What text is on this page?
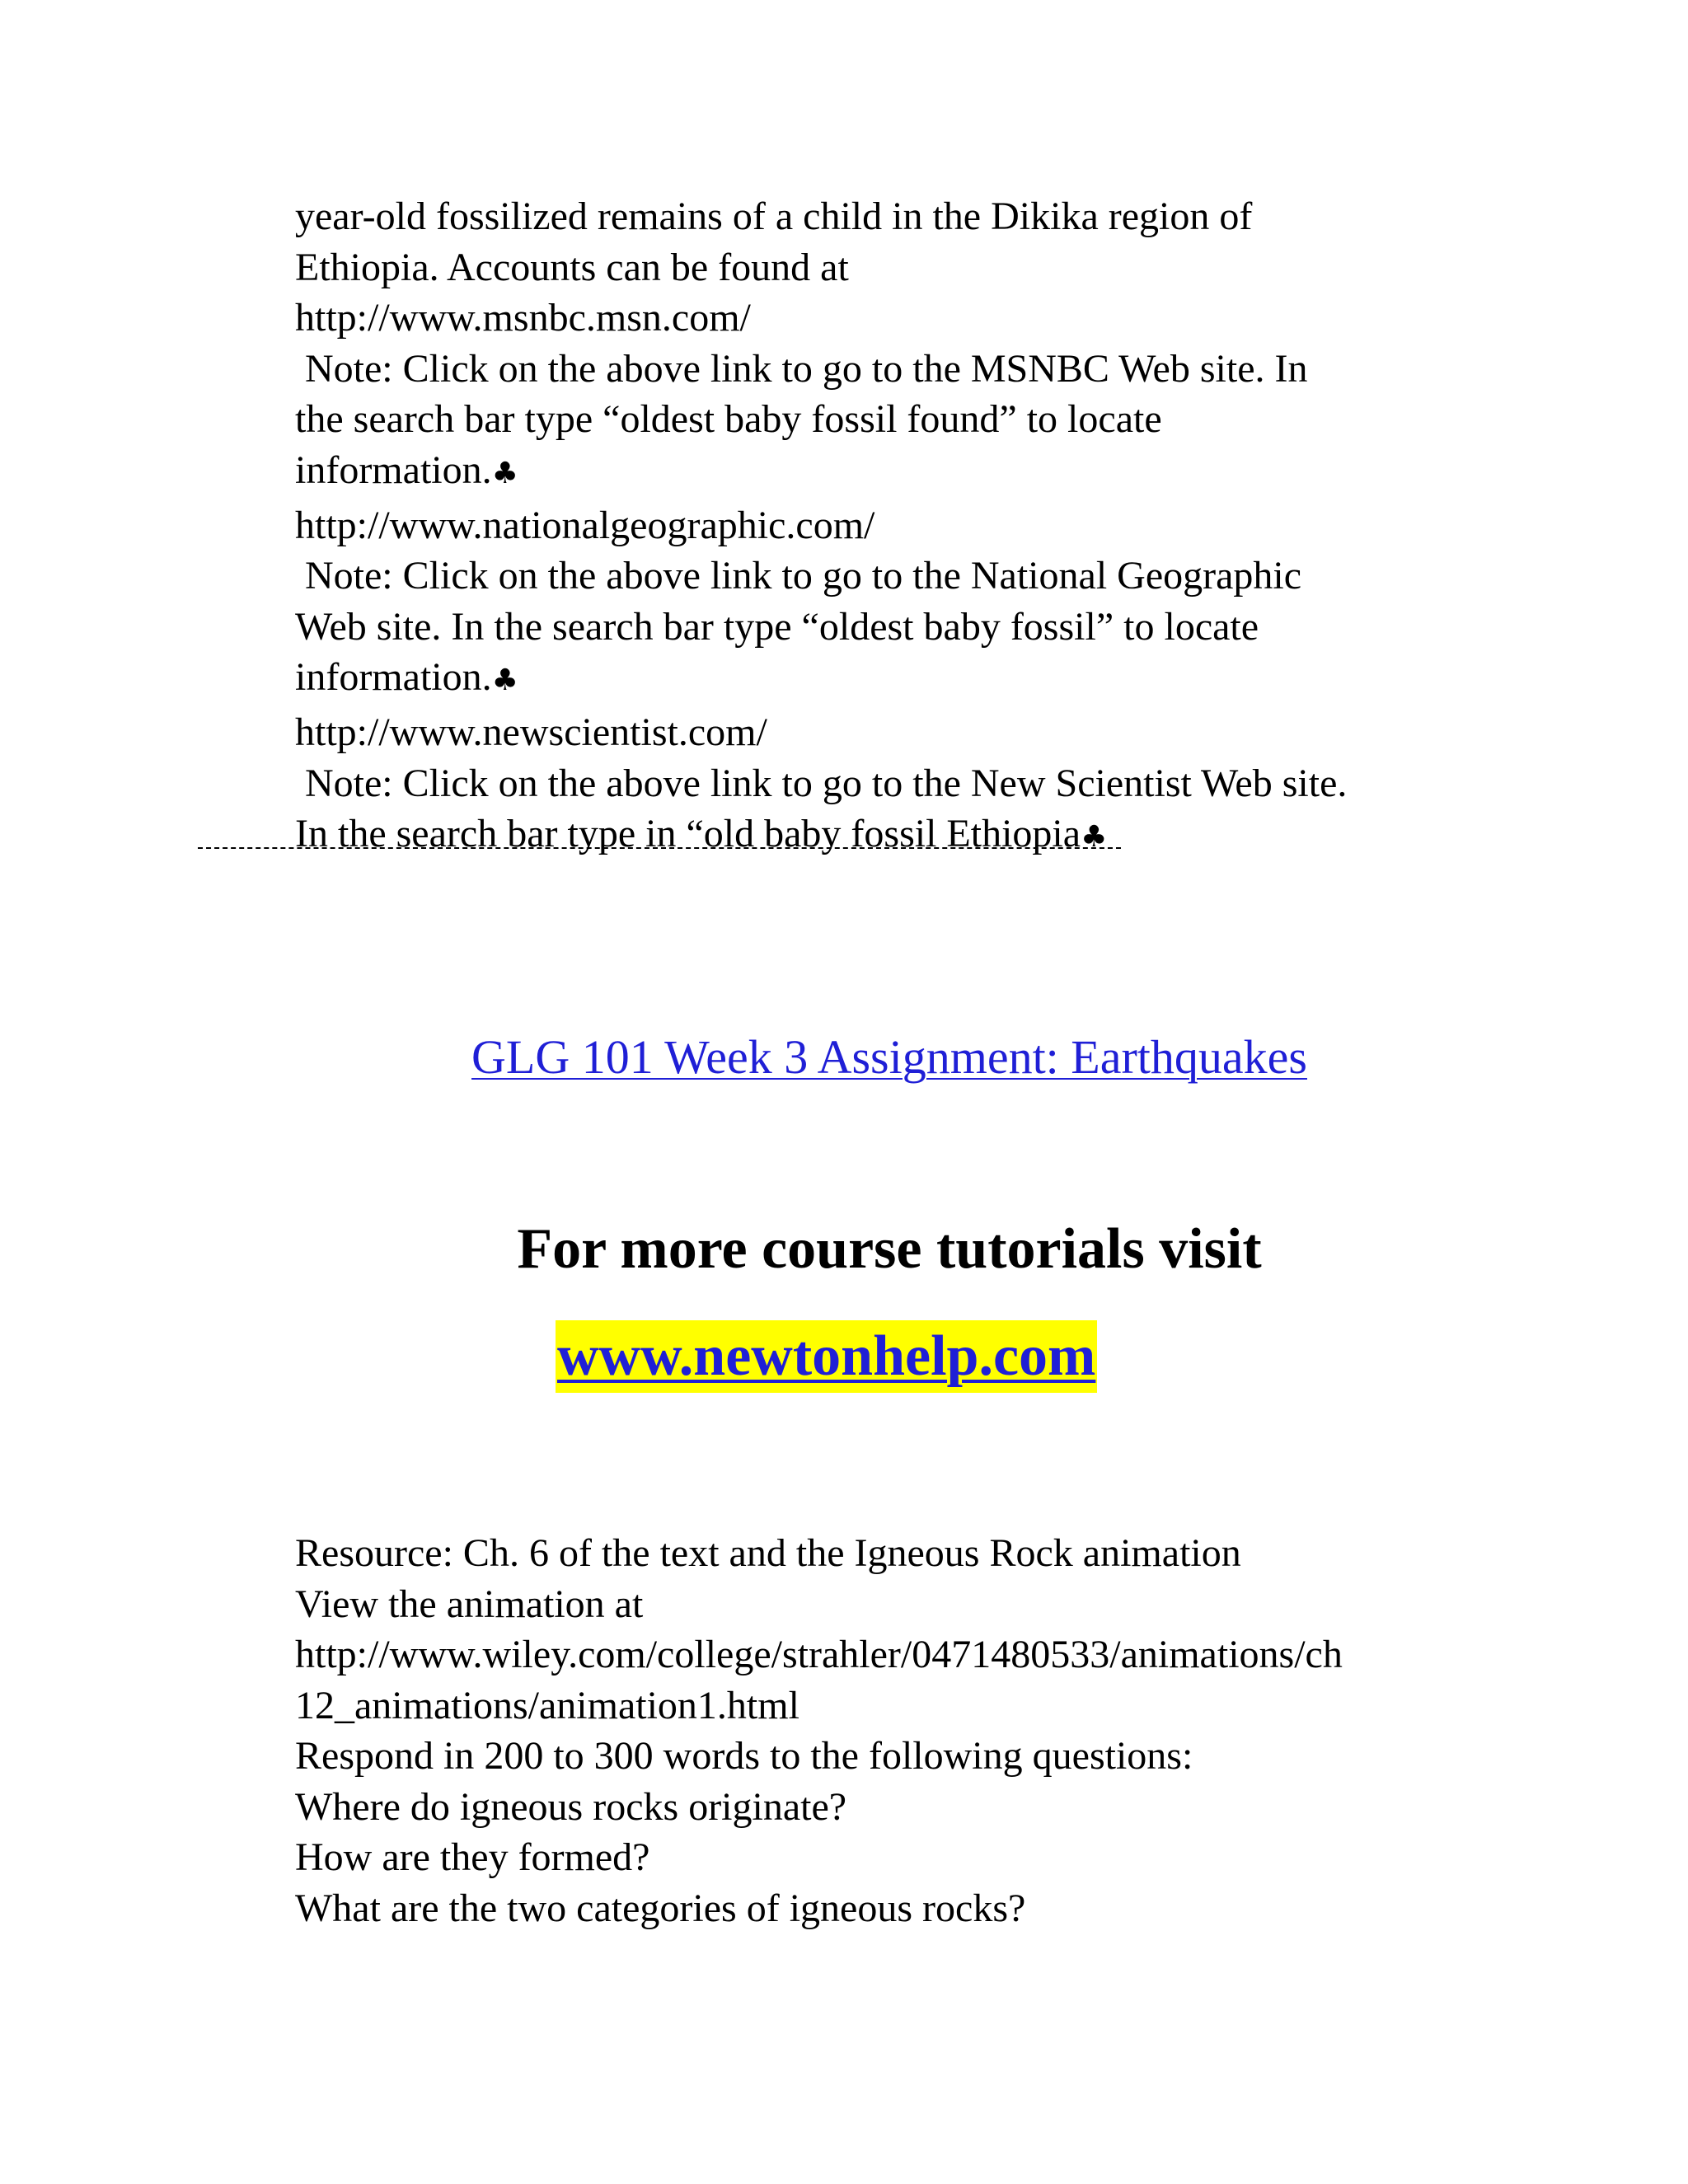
year-old fossilized remains of a child in the Dikika region of
Ethiopia. Accounts can be found at
http://www.msnbc.msn.com/
Note: Click on the above link to go to the MSNBC Web site. In
the search bar type “oldest baby fossil found” to locate
information.♣
http://www.nationalgeographic.com/
Note: Click on the above link to go to the National Geographic
Web site. In the search bar type “oldest baby fossil” to locate
information.♣
http://www.newscientist.com/
Note: Click on the above link to go to the New Scientist Web site.
In the search bar type in “old baby fossil Ethiopia♣
GLG 101 Week 3 Assignment: Earthquakes
For more course tutorials visit
www.newtonhelp.com
Resource: Ch. 6 of the text and the Igneous Rock animation
View the animation at
http://www.wiley.com/college/strahler/0471480533/animations/ch
12_animations/animation1.html
Respond in 200 to 300 words to the following questions:
Where do igneous rocks originate?
How are they formed?
What are the two categories of igneous rocks?
